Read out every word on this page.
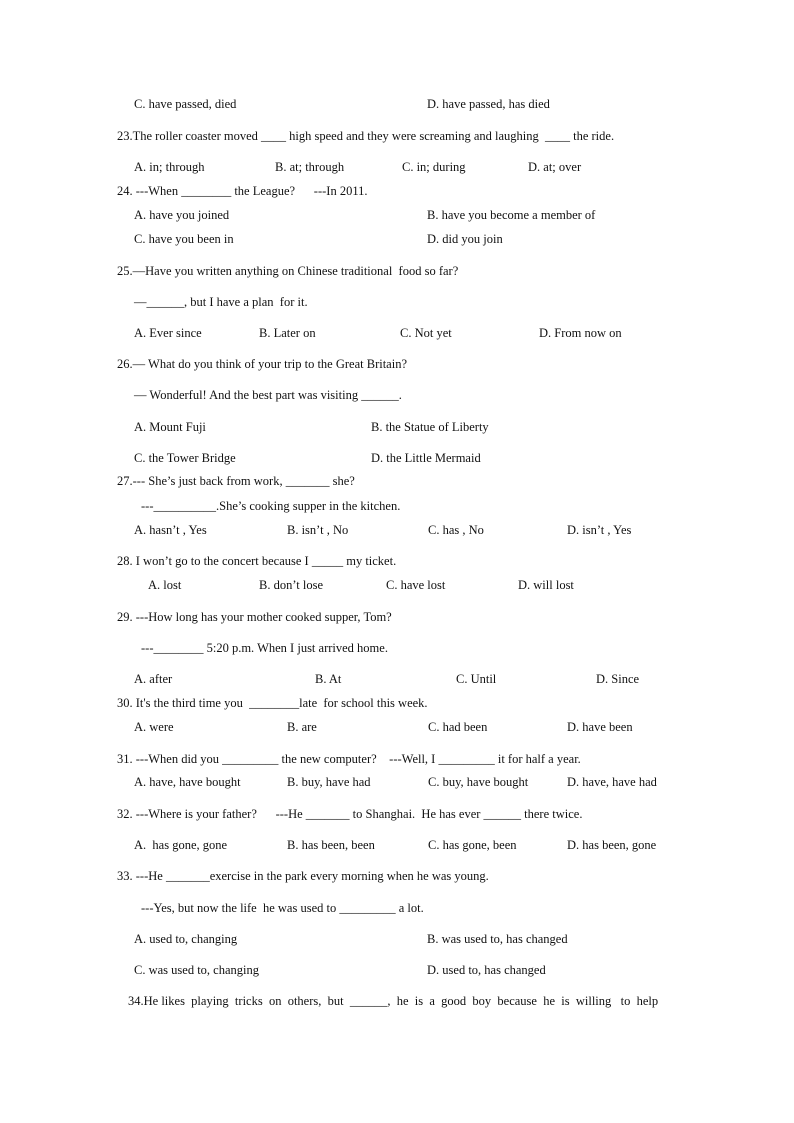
C. have passed, died	D. have passed, has died
23.The roller coaster moved ____ high speed and they were screaming and laughing  ____ the ride.
A. in; through	B. at; through	C. in; during	D. at; over
24. ---When ________ the League?      ---In 2011.
A. have you joined	B. have you become a member of
C. have you been in	D. did you join
25.—Have you written anything on Chinese traditional  food so far?
—______, but I have a plan  for it.
A. Ever since	B. Later on	C. Not yet	D. From now on
26.— What do you think of your trip to the Great Britain?
— Wonderful! And the best part was visiting ______.
A. Mount Fuji	B. the Statue of Liberty
C. the Tower Bridge	D. the Little Mermaid
27.--- She’s just back from work, _______ she?
---__________.She’s cooking supper in the kitchen.
A. hasn’t , Yes	B. isn’t , No	C. has , No	D. isn’t , Yes
28. I won’t go to the concert because I _____ my ticket.
A. lost	B. don’t lose	C. have lost	D. will lost
29. ---How long has your mother cooked supper, Tom?
---________ 5:20 p.m. When I just arrived home.
A. after	B. At	C. Until	D. Since
30. It's the third time you  ________late  for school this week.
A. were	B. are	C. had been	D. have been
31. ---When did you _________ the new computer?    ---Well, I _________ it for half a year.
A. have, have bought	B. buy, have had	C. buy, have bought	D. have, have had
32. ---Where is your father?      ---He _______ to Shanghai.  He has ever ______ there twice.
A.  has gone, gone	B. has been, been	C. has gone, been	D. has been, gone
33. ---He _______exercise in the park every morning when he was young.
---Yes, but now the life  he was used to _________ a lot.
A. used to, changing	B. was used to, has changed
C. was used to, changing	D. used to, has changed
34.He likes  playing  tricks  on  others,  but  ______,  he  is  a  good  boy  because  he  is  willing   to  help
